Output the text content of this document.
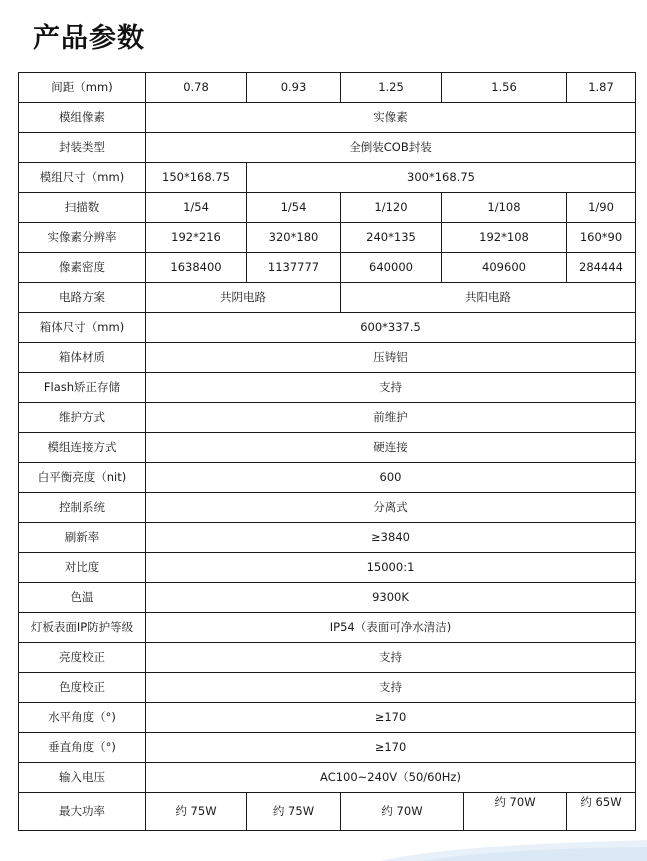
产品参数
间距（mm)	0.78	0.93	1.25	1.56		1.87
模组像素	实像素					
封装类型	全倒装COB封装					
模组尺寸（mm)	150*168.75	300*168.75				
扫描数	1/54	1/54	1/120	1/108		1/90
实像素分辨率	192*216	320*180	240*135	192*108		160*90
像素密度	1638400	1137777	640000	409600		284444
电路方案	共阴电路		共阳电路			
箱体尺寸（mm)	600*337.5					
箱体材质	压铸铝					
Flash矫正存储	支持					
维护方式	前维护					
模组连接方式	硬连接					
白平衡亮度（nit)	600					
控制系统	分离式					
刷新率	≥3840					
对比度	15000:1					
色温	9300K					
灯板表面IP防护等级	IP54（表面可净水清洁)					
亮度校正	支持					
色度校正	支持					
水平角度（°)	≥170					
垂直角度（°)	≥170					
输入电压	AC100~240V（50/60Hz)					
最大功率	约 75W	约 75W	约 70W		约 70W	约 65W
